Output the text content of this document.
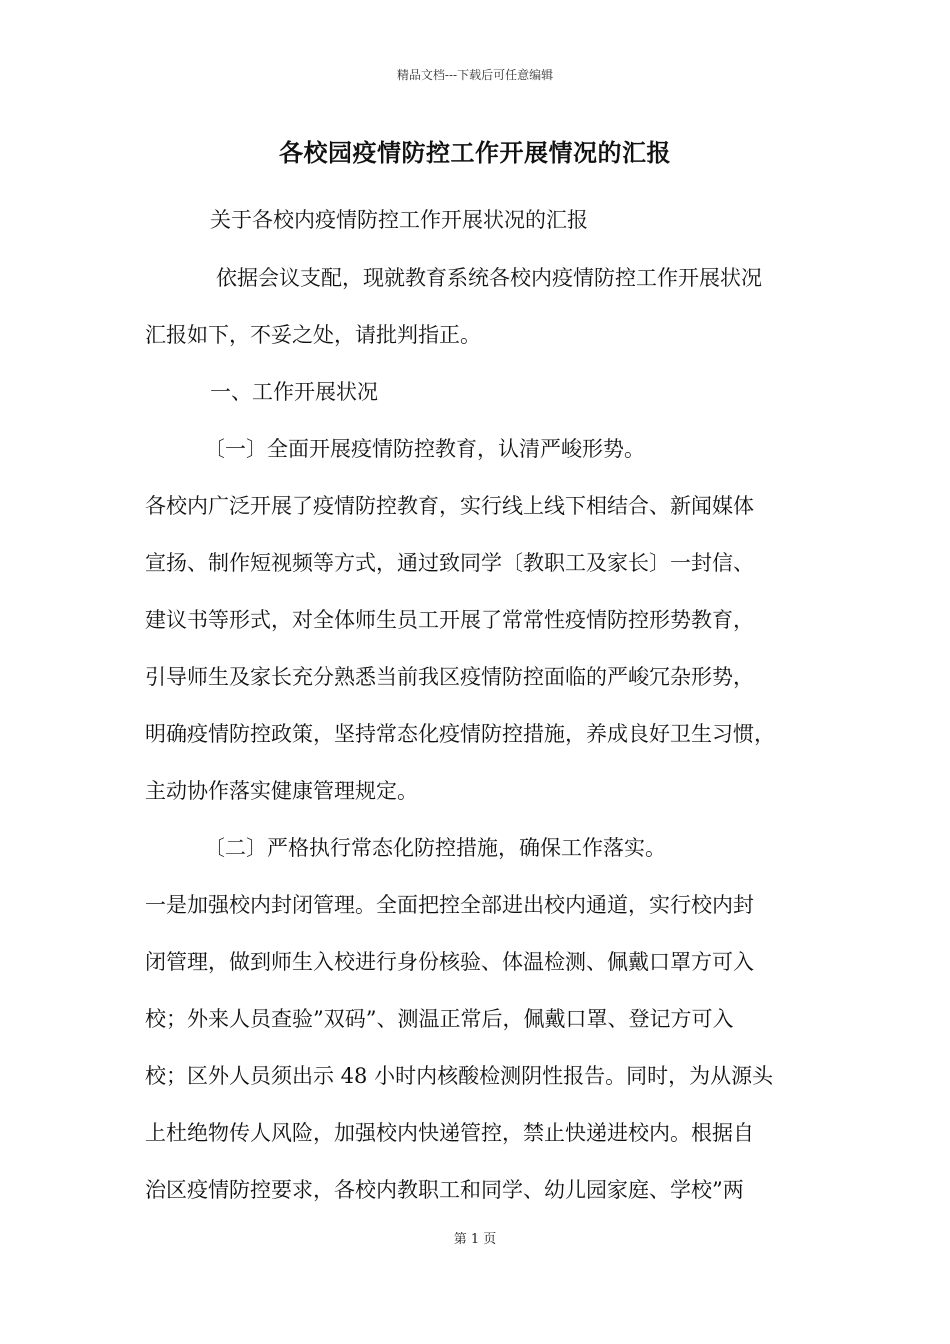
精品文档---下载后可任意编辑
各校园疫情防控工作开展情况的汇报
关于各校内疫情防控工作开展状况的汇报
依据会议支配，现就教育系统各校内疫情防控工作开展状况
汇报如下，不妥之处，请批判指正。
一、工作开展状况
〔一〕全面开展疫情防控教育，认清严峻形势。
各校内广泛开展了疫情防控教育，实行线上线下相结合、新闻媒体
宣扬、制作短视频等方式，通过致同学〔教职工及家长〕一封信、
建议书等形式，对全体师生员工开展了常常性疫情防控形势教育，
引导师生及家长充分熟悉当前我区疫情防控面临的严峻冗杂形势，
明确疫情防控政策，坚持常态化疫情防控措施，养成良好卫生习惯，
主动协作落实健康管理规定。
〔二〕严格执行常态化防控措施，确保工作落实。
一是加强校内封闭管理。全面把控全部进出校内通道，实行校内封
闭管理，做到师生入校进行身份核验、体温检测、佩戴口罩方可入
校；外来人员查验”双码”、测温正常后，佩戴口罩、登记方可入
校；区外人员须出示 48 小时内核酸检测阴性报告。同时，为从源头
上杜绝物传人风险，加强校内快递管控，禁止快递进校内。根据自
治区疫情防控要求，各校内教职工和同学、幼儿园家庭、学校”两
第 1 页
